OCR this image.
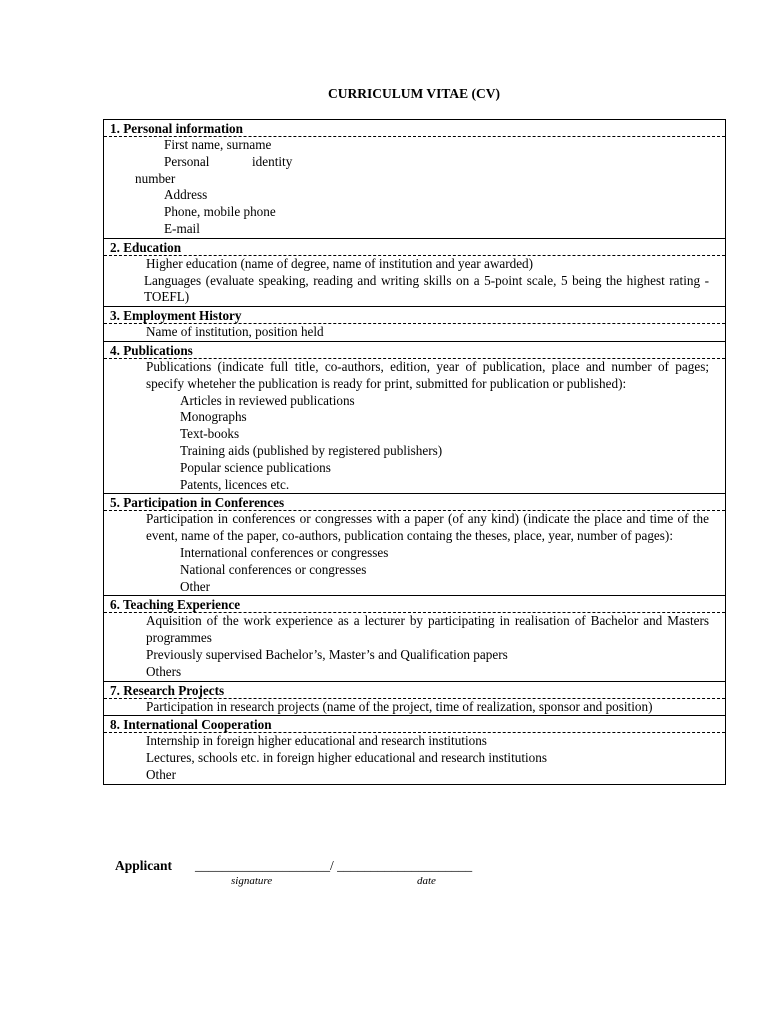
CURRICULUM VITAE (CV)
1. Personal information
First name, surname
Personal	identity
number
Address
Phone, mobile phone
E-mail
2. Education
Higher education (name of degree, name of institution and year awarded)
Languages (evaluate speaking, reading and writing skills on a 5-point scale, 5 being the highest rating - TOEFL)
3. Employment History
Name of institution, position held
4. Publications
Publications (indicate full title, co-authors, edition, year of publication, place and number of pages; specify wheteher the publication is ready for print, submitted for publication or published):
Articles in reviewed publications
Monographs
Text-books
Training aids (published by registered publishers)
Popular science publications
Patents, licences etc.
5. Participation in Conferences
Participation in conferences or congresses with a paper (of any kind) (indicate the place and time of the event, name of the paper, co-authors, publication containg the theses, place, year, number of pages):
International conferences or congresses
National conferences or congresses
Other
6. Teaching Experience
Aquisition of the work experience as a lecturer by participating in realisation of Bachelor and Masters programmes
Previously supervised Bachelor’s, Master’s and Qualification papers
Others
7. Research Projects
Participation in research projects (name of the project, time of realization, sponsor and position)
8. International Cooperation
Internship in foreign higher educational and research institutions
Lectures, schools etc. in foreign higher educational and research institutions
Other
Applicant ____________________/ ____________________
signature	date
